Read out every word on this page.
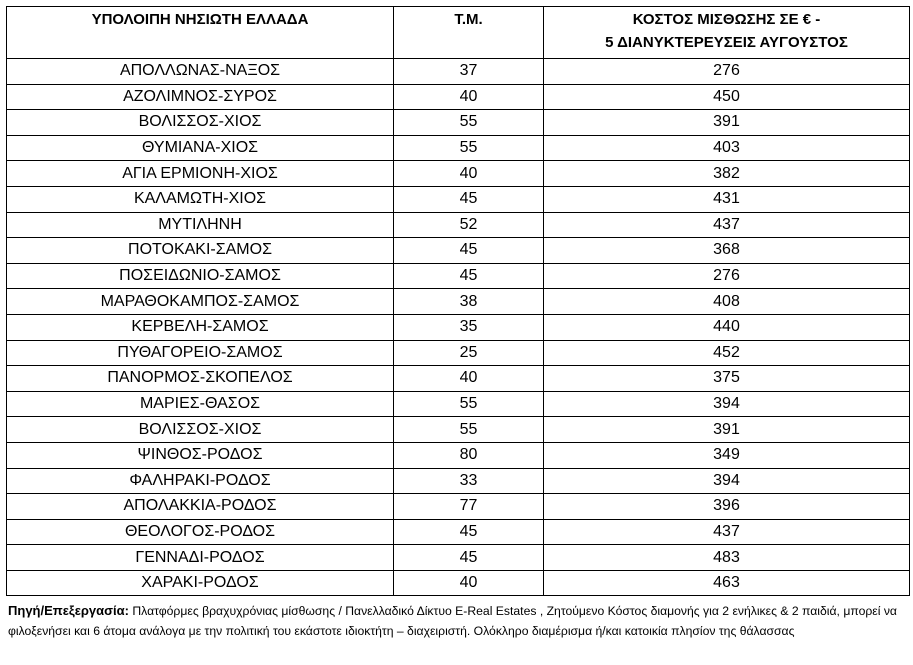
ΥΠΟΛΟΙΠΗ ΝΗΣΙΩΤΗ ΕΛΛΑΔΑ	Τ.Μ.	ΚΟΣΤΟΣ ΜΙΣΘΩΣΗΣ ΣΕ € -
5 ΔΙΑΝΥΚΤΕΡΕΥΣΕΙΣ ΑΥΓΟΥΣΤΟΣ
ΑΠΟΛΛΩΝΑΣ-ΝΑΞΟΣ	37	276
ΑΖΟΛΙΜΝΟΣ-ΣΥΡΟΣ	40	450
ΒΟΛΙΣΣΟΣ-ΧΙΟΣ	55	391
ΘΥΜΙΑΝΑ-ΧΙΟΣ	55	403
ΑΓΙΑ ΕΡΜΙΟΝΗ-ΧΙΟΣ	40	382
ΚΑΛΑΜΩΤΗ-ΧΙΟΣ	45	431
ΜΥΤΙΛΗΝΗ	52	437
ΠΟΤΟΚΑΚΙ-ΣΑΜΟΣ	45	368
ΠΟΣΕΙΔΩΝΙΟ-ΣΑΜΟΣ	45	276
ΜΑΡΑΘΟΚΑΜΠΟΣ-ΣΑΜΟΣ	38	408
ΚΕΡΒΕΛΗ-ΣΑΜΟΣ	35	440
ΠΥΘΑΓΟΡΕΙΟ-ΣΑΜΟΣ	25	452
ΠΑΝΟΡΜΟΣ-ΣΚΟΠΕΛΟΣ	40	375
ΜΑΡΙΕΣ-ΘΑΣΟΣ	55	394
ΒΟΛΙΣΣΟΣ-ΧΙΟΣ	55	391
ΨΙΝΘΟΣ-ΡΟΔΟΣ	80	349
ΦΑΛΗΡΑΚΙ-ΡΟΔΟΣ	33	394
ΑΠΟΛΑΚΚΙΑ-ΡΟΔΟΣ	77	396
ΘΕΟΛΟΓΟΣ-ΡΟΔΟΣ	45	437
ΓΕΝΝΑΔΙ-ΡΟΔΟΣ	45	483
ΧΑΡΑΚΙ-ΡΟΔΟΣ	40	463
Πηγή/Επεξεργασία: Πλατφόρμες βραχυχρόνιας μίσθωσης / Πανελλαδικό Δίκτυο E-Real Estates , Ζητούμενο Κόστος διαμονής για 2 ενήλικες & 2 παιδιά, μπορεί να φιλοξενήσει και 6 άτομα ανάλογα με την πολιτική του εκάστοτε ιδιοκτήτη – διαχειριστή. Ολόκληρο διαμέρισμα ή/και κατοικία πλησίον της θάλασσας
